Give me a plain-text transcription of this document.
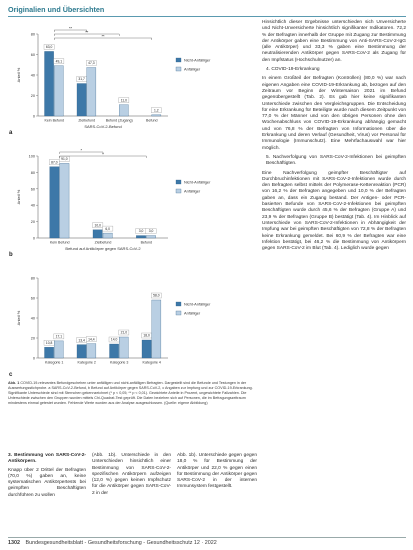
Originalien und Übersichten
a
0
20
40
60
80
Anteil %
63,0
49,1
Kein Befund
31,7
47,3
Zielbefund
11,0
Befund (Zugang)
1,2
Befund
SARS-CoV-2-Befund
**
**
**
Nicht-Anfälliger
Anfälliger
b
0
20
40
60
80
100
Anteil %
87,0
91,0
Kein Befund
10,0
6,0
Zielbefund
3,0 3,0
Befund
Befund auf Antikörper gegen SARS-CoV-2
*
*
Nicht-Anfälliger
Anfälliger
c
0
20
40
60
80
Anteil %
10,8
17,1
Kategorie 1
13,4 14,4
Kategorie 2
14,0
21,0
Kategorie 3
18,0
58,0
Kategorie 4
Nicht-Anfälliger
Anfälliger
Abb. 1 COVID-19-relevantes Befundgeschehen unter anfälligen und nicht-anfälligen Befragten. Dargestellt sind die Befunde und Testungen in der Auswertungsstichprobe. a SARS-CoV-2-Befund, b Befund auf Antikörper gegen SARS-CoV-2, c Angaben zur Impfung und zur COVID-19-Erkrankung. Signifikante Unterschiede sind mit Sternchen gekennzeichnet (* p < 0,05; ** p < 0,01). Gewichtete Anteile in Prozent, ungewichtete Fallzahlen. Die Unterschiede zwischen den Gruppen wurden mittels Chi-Quadrat-Test geprüft. Die Daten beziehen sich auf Personen, die im Befragungszeitraum mindestens einmal getestet wurden. Fehlende Werte wurden aus der Analyse ausgeschlossen. (Quelle: eigene Abbildung)

Hinsichtlich dieser Ergebnisse unterschieden sich Unversicherte und Nicht-Unversicherte hinsichtlich signifikanter Indikatoren. 72,2 % der Befragten innerhalb der Gruppe mit Zugang zur Bestimmung der Antikörper gaben eine Bestimmung von Anti-SARS-CoV-2-IgG (alle Antikörper) und 33,3 % gaben eine Bestimmung der neutralisierenden Antikörper gegen SARS-CoV-2 als Zugang für den Impfstatus (Hochschulnutzer) an.

4. COVID-19-Erkrankung

In einem Großteil der Befragten (Kontrollen) (80,0 %) war nach eigenen Angaben eine COVID-19-Erkrankung ab, bezogen auf den Zeitraum vor Beginn der Wintersaison 2021 im Befund gegenübergestellt (Tab. 2). Es gab hier keine signifikanten Unterschiede zwischen den Vergleichsgruppen. Die Entscheidung für eine Erkrankung für Beteiligte wurde nach diesem Zeitpunkt von 77,0 % der Männer und von den übrigen Personen ohne den Wochenabschluss von COVID-19-Erkrankung abhängig gemacht und von 76,8 % der Befragten von Informationen über die Erkrankung und deren Verlauf (Gesundheit, Virus) vor Personal für Immunologie (Immunschutz). Eine Mehrfachauswahl war hier möglich.

5. Nachverfolgung von SARS-CoV-2-Infektionen bei geimpften Beschäftigten.

Eine Nachverfolgung geimpfter Beschäftigter auf Durchbruchinfektionen mit SARS-CoV-2-Infektionen wurde durch den Befragten selbst mittels der Polymerase-Kettenreaktion (PCR) von 16,2 % der Befragten angegeben und 10,0 % der Befragten gaben an, dass ein Zugang bestand. Der Antigen- oder PCR-basierten Befunde von SARS-CoV-2-Infektionen bei geimpften Beschäftigten wurde durch 45,6 % der Befragten (Gruppe A) und 23,9 % der Befragten (Gruppe B) bestätigt (Tab. 4). Im Hinblick auf Unterschiede von SARS-CoV-2-Infektionen in Abhängigkeit der Impfung war bei geimpften Beschäftigten von 72,8 % der Befragten keine Erkrankung gemeldet. Bei 60,9 % der Befragten war eine Infektion bestätigt, bei 46,2 % die Bestimmung von Antikörpern gegen SARS-CoV-2 im Blut (Tab. 4). Lediglich wurde gegen

3. Bestimmung von SARS-CoV-2-Antikörpern.

Knapp über 2 Drittel der Befragten (70,0 %) gaben an, keine systematischen Antikörpertests bei geimpften Beschäftigten durchführen zu wollen

(Abb. 1b). Unterschiede in den Unterschieden hinsichtlich einer Bestimmung von SARS-CoV-2-spezifischen Antikörpern aufzeigen (12,0 %) gegen keinen Impfschutz für die Antikörper gegen SARS-CoV-2 in der

Abb. 1b). Unterschiede gegen gegen 18,0 % für Bestimmung der Antikörper und 22,0 % gegen einen für Bestimmung der Antikörper gegen SARS-CoV-2 in der internen Immunsystem festgestellt.

1302 Bundesgesundheitsblatt - Gesundheitsforschung - Gesundheitsschutz 12 · 2022
